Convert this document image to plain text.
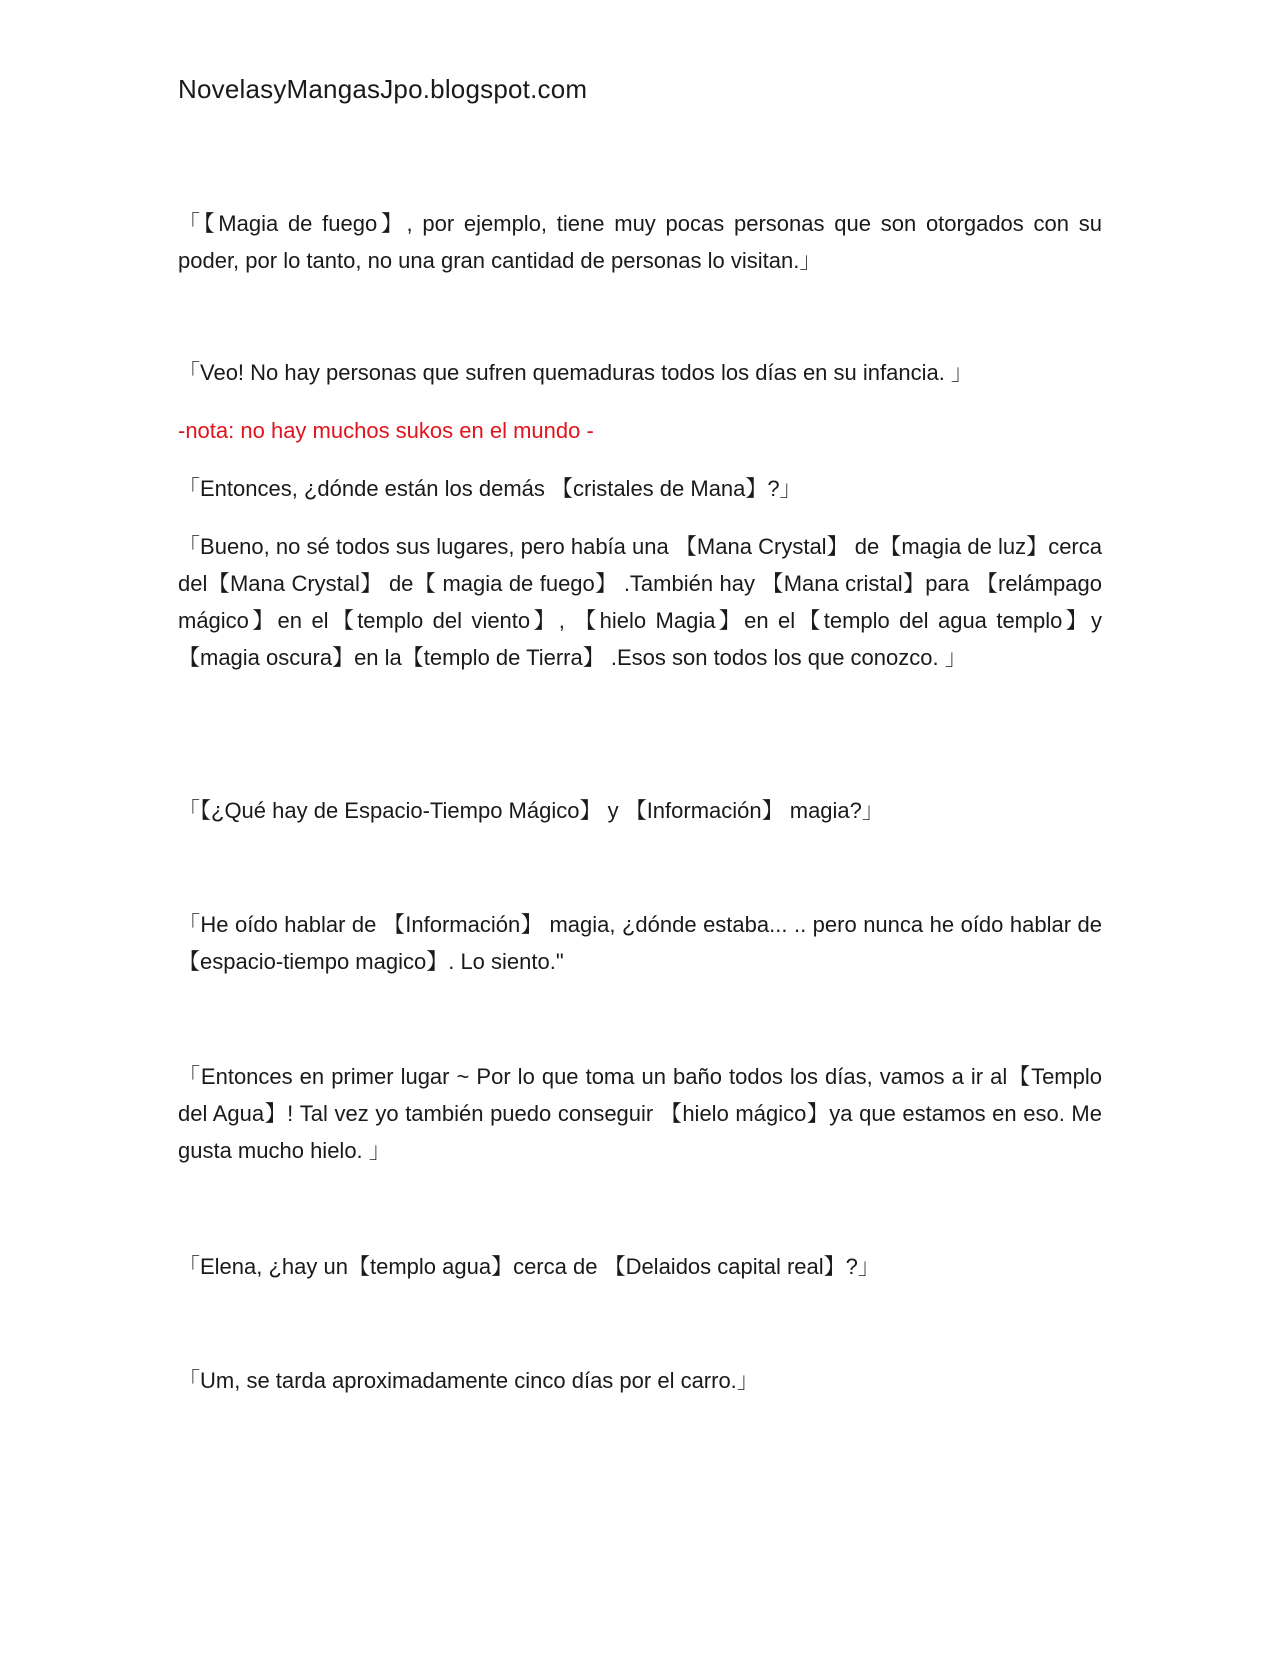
NovelasyMangasJpo.blogspot.com

「【Magia de fuego】, por ejemplo, tiene muy pocas personas que son otorgados con su poder, por lo tanto, no una gran cantidad de personas lo visitan.」

「Veo! No hay personas que sufren quemaduras todos los días en su infancia. 」

-nota: no hay muchos sukos en el mundo -

「Entonces, ¿dónde están los demás 【cristales de Mana】?」

「Bueno, no sé todos sus lugares, pero había una 【Mana Crystal】 de【magia de luz】cerca del【Mana Crystal】 de【 magia de fuego】 .También hay 【Mana cristal】para 【relámpago mágico】en el【templo del viento】, 【hielo Magia】en el【templo del agua templo】y 【magia oscura】en la【templo de Tierra】 .Esos son todos los que conozco. 」

「【¿Qué hay de Espacio-Tiempo Mágico】 y 【Información】 magia?」

「He oído hablar de 【Información】 magia, ¿dónde estaba... .. pero nunca he oído hablar de【espacio-tiempo magico】. Lo siento."

「Entonces en primer lugar ~ Por lo que toma un baño todos los días, vamos a ir al【Templo del Agua】! Tal vez yo también puedo conseguir 【hielo mágico】ya que estamos en eso. Me gusta mucho hielo. 」

「Elena, ¿hay un【templo agua】cerca de 【Delaidos capital real】?」

「Um, se tarda aproximadamente cinco días por el carro.」
